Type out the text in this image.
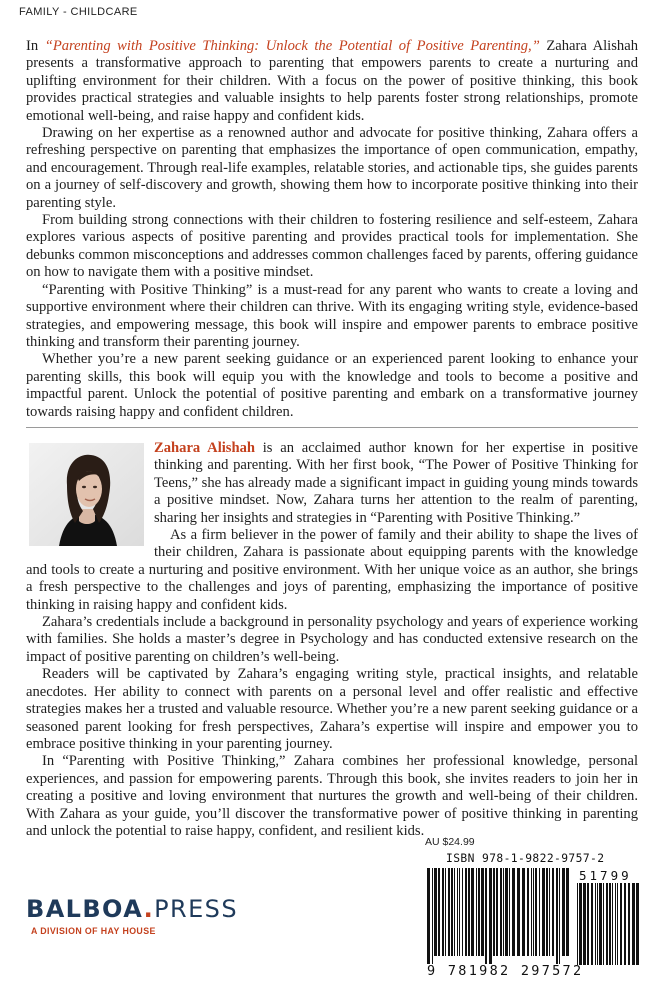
FAMILY - CHILDCARE

In “Parenting with Positive Thinking: Unlock the Potential of Positive Parenting,” Zahara Alishah presents a transformative approach to parenting that empowers parents to create a nurturing and uplifting environment for their children. With a focus on the power of positive thinking, this book provides practical strategies and valuable insights to help parents foster strong relationships, promote emotional well-being, and raise happy and confident kids.

Drawing on her expertise as a renowned author and advocate for positive thinking, Zahara offers a refreshing perspective on parenting that emphasizes the importance of open communication, empathy, and encouragement. Through real-life examples, relatable stories, and actionable tips, she guides parents on a journey of self-discovery and growth, showing them how to incorporate positive thinking into their parenting style.

From building strong connections with their children to fostering resilience and self-esteem, Zahara explores various aspects of positive parenting and provides practical tools for implementation. She debunks common misconceptions and addresses common challenges faced by parents, offering guidance on how to navigate them with a positive mindset.

“Parenting with Positive Thinking” is a must-read for any parent who wants to create a loving and supportive environment where their children can thrive. With its engaging writing style, evidence-based strategies, and empowering message, this book will inspire and empower parents to embrace positive thinking and transform their parenting journey.

Whether you’re a new parent seeking guidance or an experienced parent looking to enhance your parenting skills, this book will equip you with the knowledge and tools to become a positive and impactful parent. Unlock the potential of positive parenting and embark on a transformative journey towards raising happy and confident children.

Zahara Alishah is an acclaimed author known for her expertise in positive thinking and parenting. With her first book, “The Power of Positive Thinking for Teens,” she has already made a significant impact in guiding young minds towards a positive mindset. Now, Zahara turns her attention to the realm of parenting, sharing her insights and strategies in “Parenting with Positive Thinking.”

As a firm believer in the power of family and their ability to shape the lives of their children, Zahara is passionate about equipping parents with the knowledge and tools to create a nurturing and positive environment. With her unique voice as an author, she brings a fresh perspective to the challenges and joys of parenting, emphasizing the importance of positive thinking in raising happy and confident kids.

Zahara’s credentials include a background in personality psychology and years of experience working with families. She holds a master’s degree in Psychology and has conducted extensive research on the impact of positive parenting on children’s well-being.

Readers will be captivated by Zahara’s engaging writing style, practical insights, and relatable anecdotes. Her ability to connect with parents on a personal level and offer realistic and effective strategies makes her a trusted and valuable resource. Whether you’re a new parent seeking guidance or a seasoned parent looking for fresh perspectives, Zahara’s expertise will inspire and empower you to embrace positive thinking in your parenting journey.

In “Parenting with Positive Thinking,” Zahara combines her professional knowledge, personal experiences, and passion for empowering parents. Through this book, she invites readers to join her in creating a positive and loving environment that nurtures the growth and well-being of their children. With Zahara as your guide, you’ll discover the transformative power of positive thinking in parenting and unlock the potential to raise happy, confident, and resilient kids.

AU $24.99
ISBN 978-1-9822-9757-2
51799
9 781982 297572
BALBOA.PRESS
A DIVISION OF HAY HOUSE
